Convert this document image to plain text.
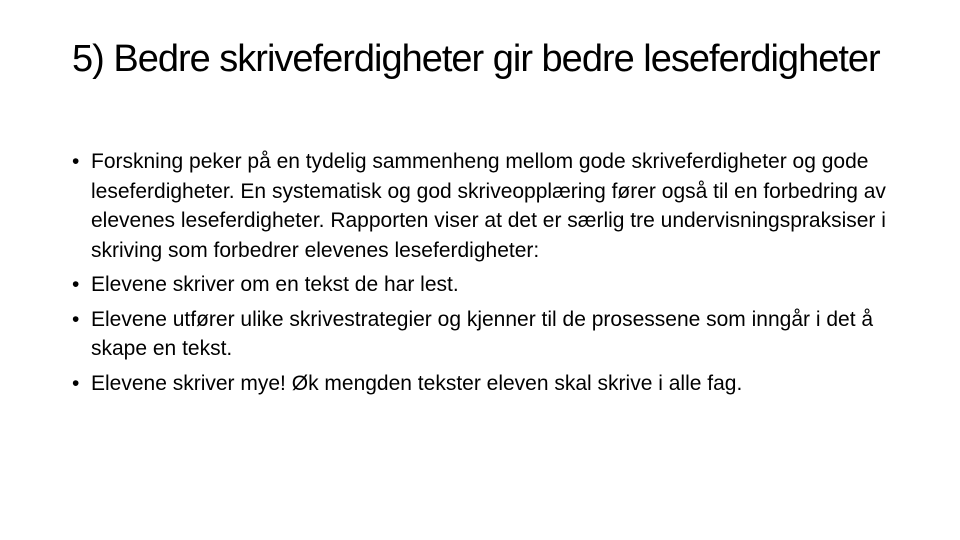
5) Bedre skriveferdigheter gir bedre leseferdigheter
• Forskning peker på en tydelig sammenheng mellom gode skriveferdigheter og gode leseferdigheter. En systematisk og god skriveopplæring fører også til en forbedring av elevenes leseferdigheter. Rapporten viser at det er særlig tre undervisningspraksiser i skriving som forbedrer elevenes leseferdigheter:
• Elevene skriver om en tekst de har lest.
• Elevene utfører ulike skrivestrategier og kjenner til de prosessene som inngår i det å skape en tekst.
• Elevene skriver mye! Øk mengden tekster eleven skal skrive i alle fag.
